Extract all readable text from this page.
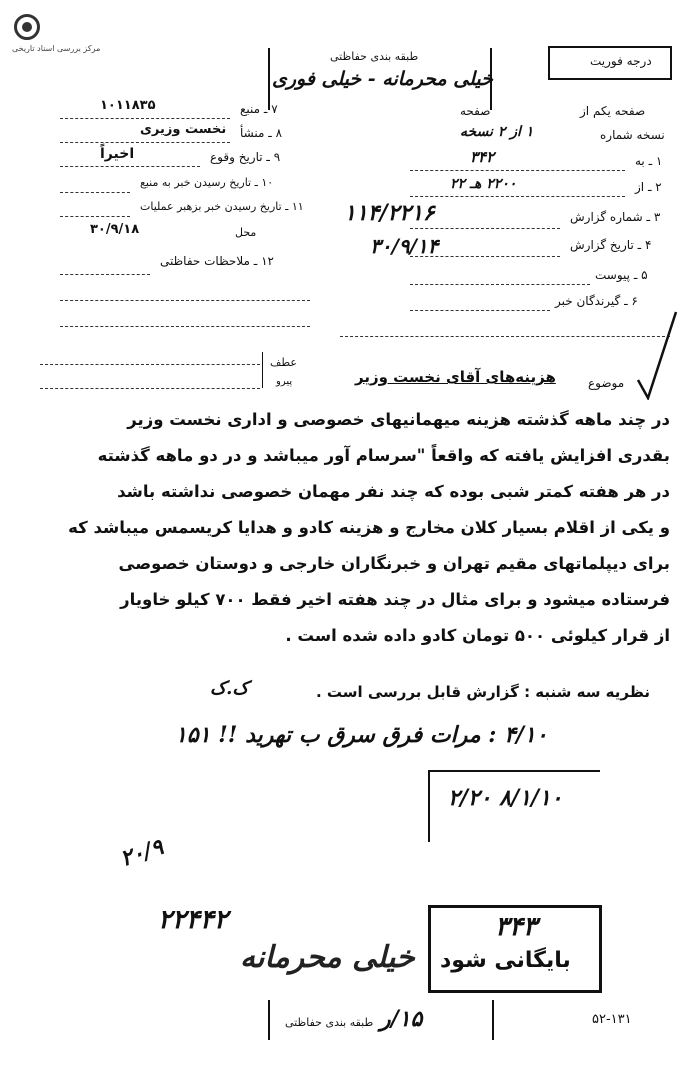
مرکز بررسی اسناد تاریخی
طبقه بندی حفاظتی
خیلی محرمانه - خیلی فوری
درجه فوریت
۷ ـ منبع
۱۰۱۱۸۳۵
۸ ـ منشأ
نخست وزیری
۹ ـ تاریخ وقوع
اخیراً
۱۰ ـ تاریخ رسیدن خبر به منبع
۱۱ ـ تاریخ رسیدن خبر بزهبر عملیات
محل
۳۰/۹/۱۸
۱۲ ـ ملاحظات حفاظتی
صفحه یکم از
صفحه
نسخه شماره
۱ از ۲ نسخه
۱ ـ به
۳۴۲
۲ ـ از
۲۲۰۰ هـ ۲۲
۳ ـ شماره گزارش
۱۱۴/۲۲۱۶
۴ ـ تاریخ گزارش
۳۰/۹/۱۴
۵ ـ پیوست
۶ ـ گیرندگان خبر
عطف
پیرو	هزینه‌های آقای نخست وزیر	موضوع
در چند ماهه گذشته هزینه میهمانیهای خصوصی و اداری نخست وزیر
بقدری افزایش یافته که واقعاً "سرسام آور میباشد و در دو ماهه گذشته
در هر هفته کمتر شبی بوده که چند نفر مهمان خصوصی نداشته باشد
و یکی از اقلام بسیار کلان مخارج و هزینه کادو و هدایا کریسمس میباشد که
برای دیپلماتهای مقیم تهران و خبرنگاران خارجی و دوستان خصوصی
فرستاده میشود و برای مثال در چند هفته اخیر فقط ۷۰۰ کیلو خاویار
از قرار کیلوئی ۵۰۰ تومان کادو داده شده است .
نظریه سه شنبه : گزارش قابل بررسی است .
ک.ک
۴/۱۰ : مرات فرق سرق ب تهرید !! ۱۵۱
۸/۱/۱۰ ۲/۲۰
۲۰/۹
۲۲۴۴۲	۳۴۳
بایگانی شود
خیلی محرمانه
طبقه بندی حفاظتی ۱۵/ر	۵۲-۱۳۱
